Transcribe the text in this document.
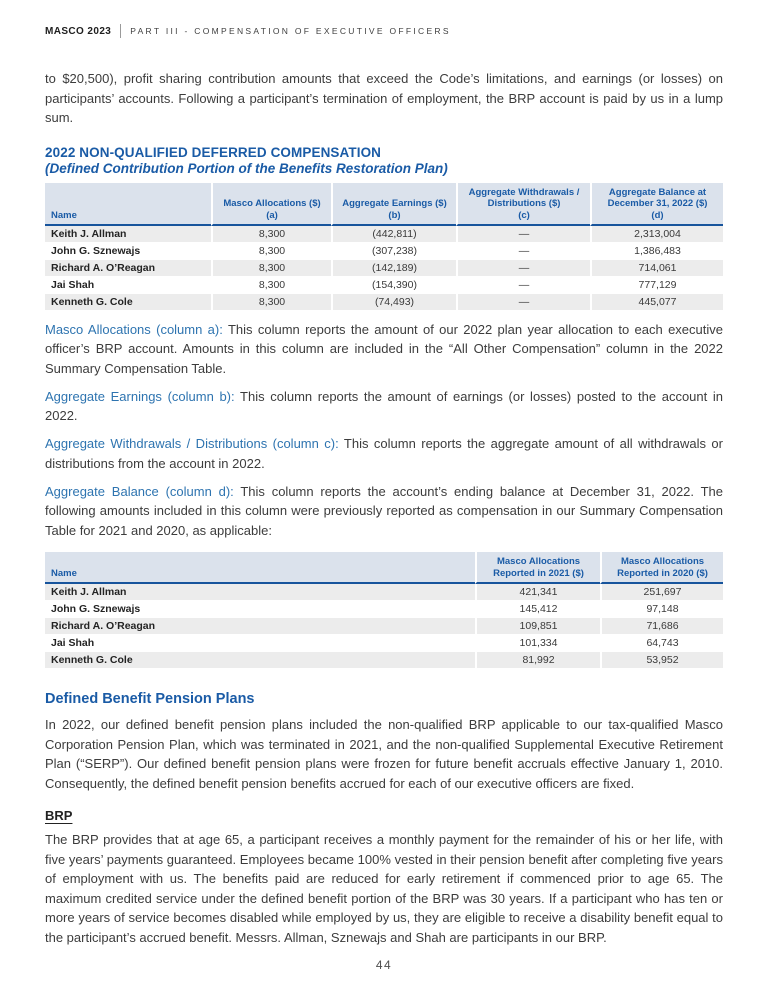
MASCO 2023 PART III - COMPENSATION OF EXECUTIVE OFFICERS

to $20,500), profit sharing contribution amounts that exceed the Code’s limitations, and earnings (or losses) on participants’ accounts. Following a participant’s termination of employment, the BRP account is paid by us in a lump sum.

2022 NON-QUALIFIED DEFERRED COMPENSATION
(Defined Contribution Portion of the Benefits Restoration Plan)
Name	
Masco Allocations ($)
(a)

Aggregate Earnings ($)
(b)

Aggregate Withdrawals /
Distributions ($)
(c)

Aggregate Balance at
December 31, 2022 ($)
(d)

Keith J. Allman	8,300	(442,811)	—	2,313,004
John G. Sznewajs	8,300	(307,238)	—	1,386,483
Richard A. O’Reagan	8,300	(142,189)	—	714,061
Jai Shah	8,300	(154,390)	—	777,129
Kenneth G. Cole	8,300	(74,493)	—	445,077

Masco Allocations (column a): This column reports the amount of our 2022 plan year allocation to each executive officer’s BRP account. Amounts in this column are included in the “All Other Compensation” column in the 2022 Summary Compensation Table.

Aggregate Earnings (column b): This column reports the amount of earnings (or losses) posted to the account in 2022.

Aggregate Withdrawals / Distributions (column c): This column reports the aggregate amount of all withdrawals or distributions from the account in 2022.

Aggregate Balance (column d): This column reports the account’s ending balance at December 31, 2022. The following amounts included in this column were previously reported as compensation in our Summary Compensation Table for 2021 and 2020, as applicable:

Name	
Masco Allocations
Reported in 2021 ($)

Masco Allocations
Reported in 2020 ($)

Keith J. Allman	421,341	251,697
John G. Sznewajs	145,412	97,148
Richard A. O’Reagan	109,851	71,686
Jai Shah	101,334	64,743
Kenneth G. Cole	81,992	53,952
Defined Benefit Pension Plans

In 2022, our defined benefit pension plans included the non-qualified BRP applicable to our tax-qualified Masco Corporation Pension Plan, which was terminated in 2021, and the non-qualified Supplemental Executive Retirement Plan (“SERP”). Our defined benefit pension plans were frozen for future benefit accruals effective January 1, 2010. Consequently, the defined benefit pension benefits accrued for each of our executive officers are fixed.

BRP

The BRP provides that at age 65, a participant receives a monthly payment for the remainder of his or her life, with five years’ payments guaranteed. Employees became 100% vested in their pension benefit after completing five years of employment with us. The benefits paid are reduced for early retirement if commenced prior to age 65. The maximum credited service under the defined benefit portion of the BRP was 30 years. If a participant who has ten or more years of service becomes disabled while employed by us, they are eligible to receive a disability benefit equal to the participant’s accrued benefit. Messrs. Allman, Sznewajs and Shah are participants in our BRP.

44
